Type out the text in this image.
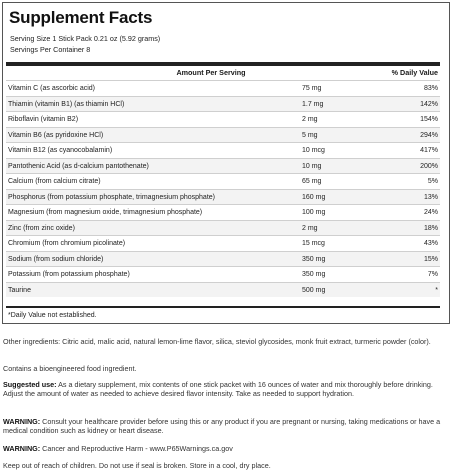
Supplement Facts
Serving Size 1 Stick Pack 0.21 oz (5.92 grams)
Servings Per Container 8
Amount Per Serving	% Daily Value
Vitamin C (as ascorbic acid)	75 mg	83%
Thiamin (vitamin B1) (as thiamin HCl)	1.7 mg	142%
Riboflavin (vitamin B2)	2 mg	154%
Vitamin B6 (as pyridoxine HCl)	5 mg	294%
Vitamin B12 (as cyanocobalamin)	10 mcg	417%
Pantothenic Acid (as d-calcium pantothenate)	10 mg	200%
Calcium (from calcium citrate)	65 mg	5%
Phosphorus (from potassium phosphate, trimagnesium phosphate)	160 mg	13%
Magnesium (from magnesium oxide, trimagnesium phosphate)	100 mg	24%
Zinc (from zinc oxide)	2 mg	18%
Chromium (from chromium picolinate)	15 mcg	43%
Sodium (from sodium chloride)	350 mg	15%
Potassium (from potassium phosphate)	350 mg	7%
Taurine	500 mg	*
*Daily Value not established.
Other ingredients: Citric acid, malic acid, natural lemon-lime flavor, silica, steviol glycosides, monk fruit extract, turmeric powder (color).
Contains a bioengineered food ingredient.
Suggested use: As a dietary supplement, mix contents of one stick packet with 16 ounces of water and mix thoroughly before drinking. Adjust the amount of water as needed to achieve desired flavor intensity. Take as needed to support hydration.
WARNING: Consult your healthcare provider before using this or any product if you are pregnant or nursing, taking medications or have a medical condition such as kidney or heart disease.
WARNING: Cancer and Reproductive Harm - www.P65Warnings.ca.gov
Keep out of reach of children. Do not use if seal is broken. Store in a cool, dry place.
